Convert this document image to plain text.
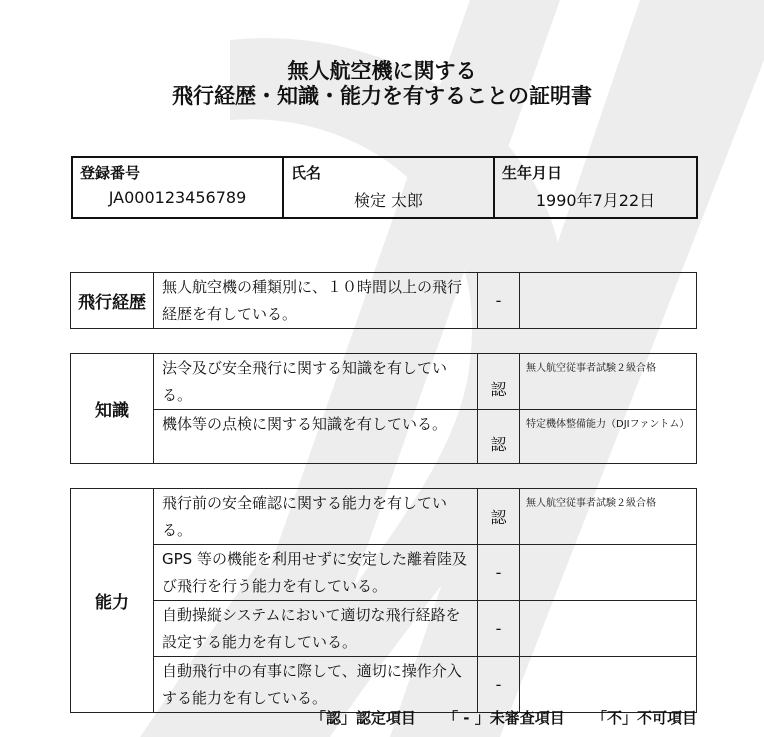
無人航空機に関する
飛行経歴・知識・能力を有することの証明書
登録番号
JA000123456789

氏名
検定 太郎

生年月日
1990年7月22日
飛行経歴	無人航空機の種類別に、１０時間以上の飛行経歴を有している。	-	
知識	法令及び安全飛行に関する知識を有している。	認	無人航空従事者試験２級合格
	機体等の点検に関する知識を有している。	認	特定機体整備能力（DJIファントム）
能力	飛行前の安全確認に関する能力を有している。	認	無人航空従事者試験２級合格
	GPS 等の機能を利用せずに安定した離着陸及び飛行を行う能力を有している。	-	
	自動操縦システムにおいて適切な飛行経路を設定する能力を有している。	-	
	自動飛行中の有事に際して、適切に操作介入する能力を有している。	-	
「認」認定項目 「 - 」未審査項目 「不」不可項目
